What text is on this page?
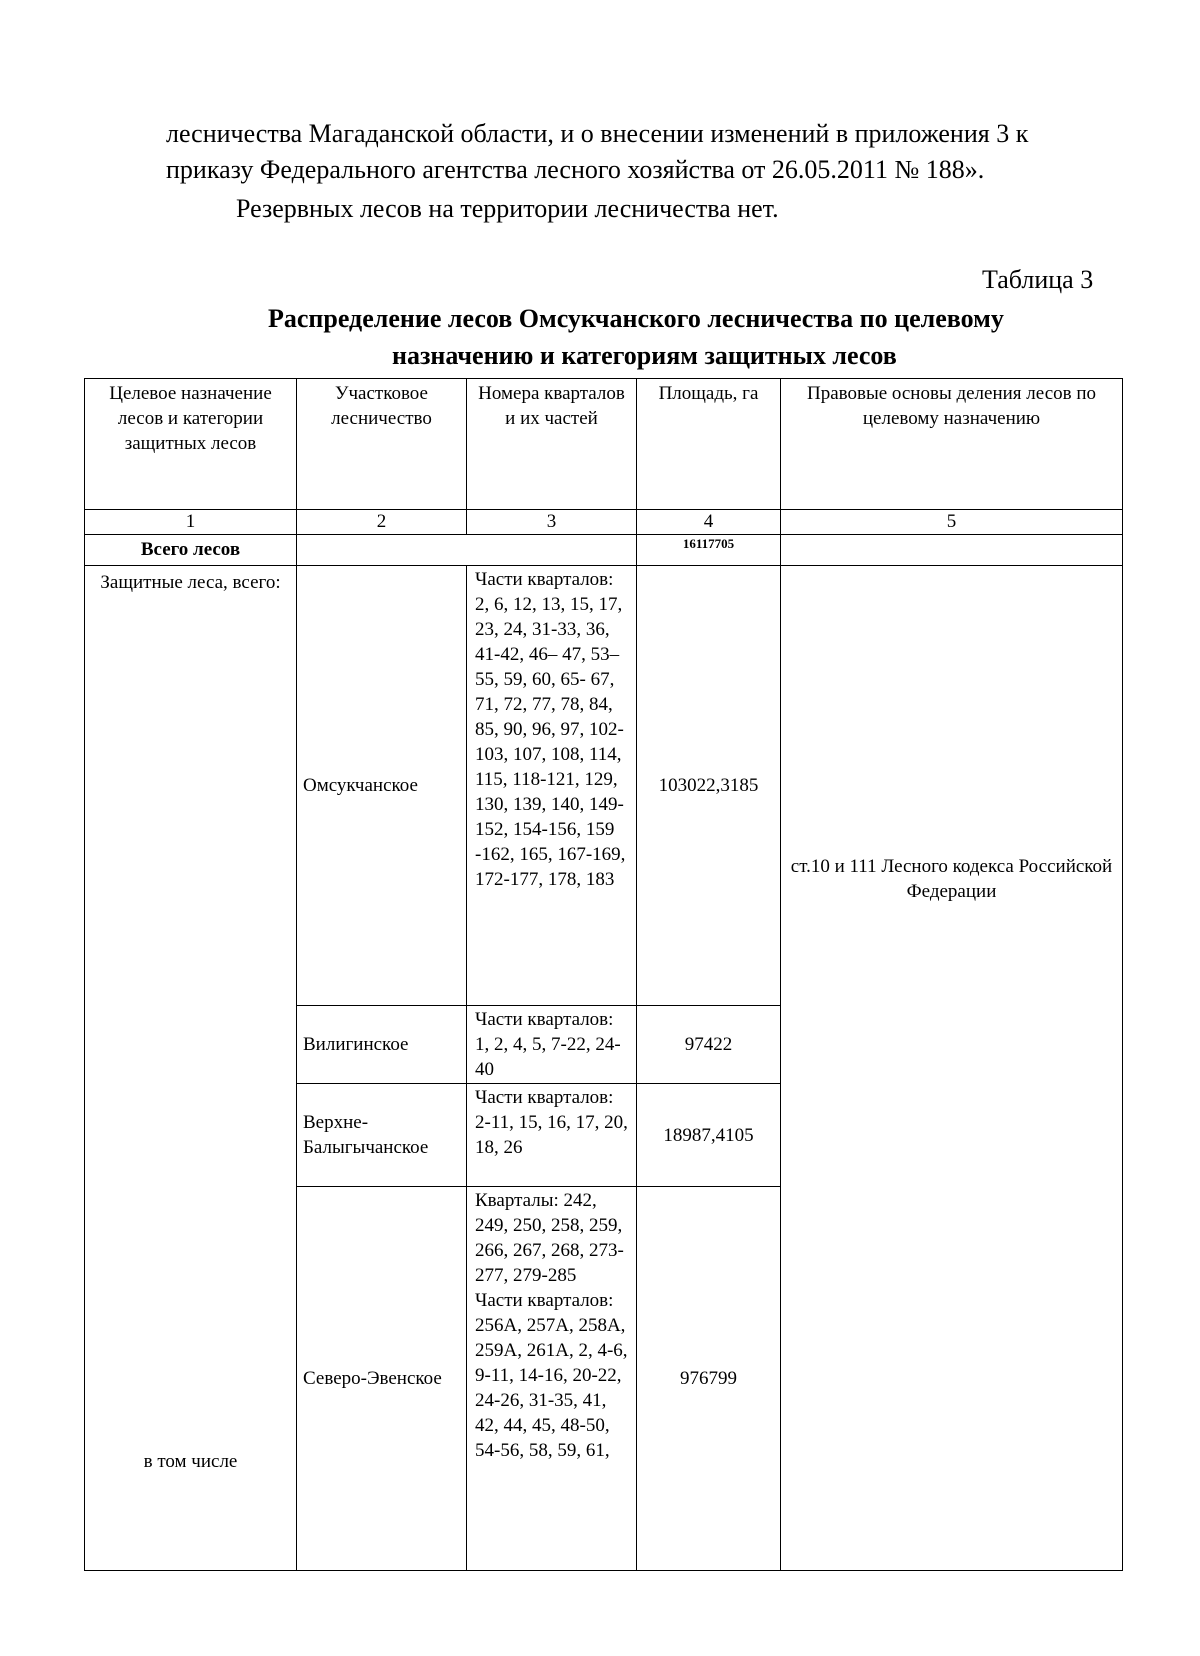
лесничества Магаданской области, и о внесении изменений в приложения 3 к

приказу Федерального агентства лесного хозяйства от 26.05.2011 № 188».

Резервных лесов на территории лесничества нет.

Таблица 3
Распределение лесов Омсукчанского лесничества по целевому
назначению и категориям защитных лесов
Целевое назначение лесов и категории защитных лесов	Участковое лесничество	Номера кварталов и их частей	Площадь, га	Правовые основы деления лесов по целевому назначению
1	2	3	4	5
Всего лесов			16117705	
Защитные леса, всего:
в том числе	Омсукчанское	Части кварталов: 2, 6, 12, 13, 15, 17, 23, 24, 31-33, 36, 41-42, 46– 47, 53–55, 59, 60, 65- 67, 71, 72, 77, 78, 84, 85, 90, 96, 97, 102-103, 107, 108, 114, 115, 118-121, 129, 130, 139, 140, 149-152, 154-156, 159 -162, 165, 167-169, 172-177, 178, 183	103022,3185	ст.10 и 111 Лесного кодекса Российской Федерации
	Вилигинское	Части кварталов: 1, 2, 4, 5, 7-22, 24-40	97422	
	Верхне-Балыгычанское	Части кварталов: 2-11, 15, 16, 17, 20, 18, 26	18987,4105	
	Северо-Эвенское	Кварталы: 242, 249, 250, 258, 259, 266, 267, 268, 273-277, 279-285 Части кварталов: 256А, 257А, 258А, 259А, 261А, 2, 4-6, 9-11, 14-16, 20-22, 24-26, 31-35, 41, 42, 44, 45, 48-50, 54-56, 58, 59, 61,	976799	
